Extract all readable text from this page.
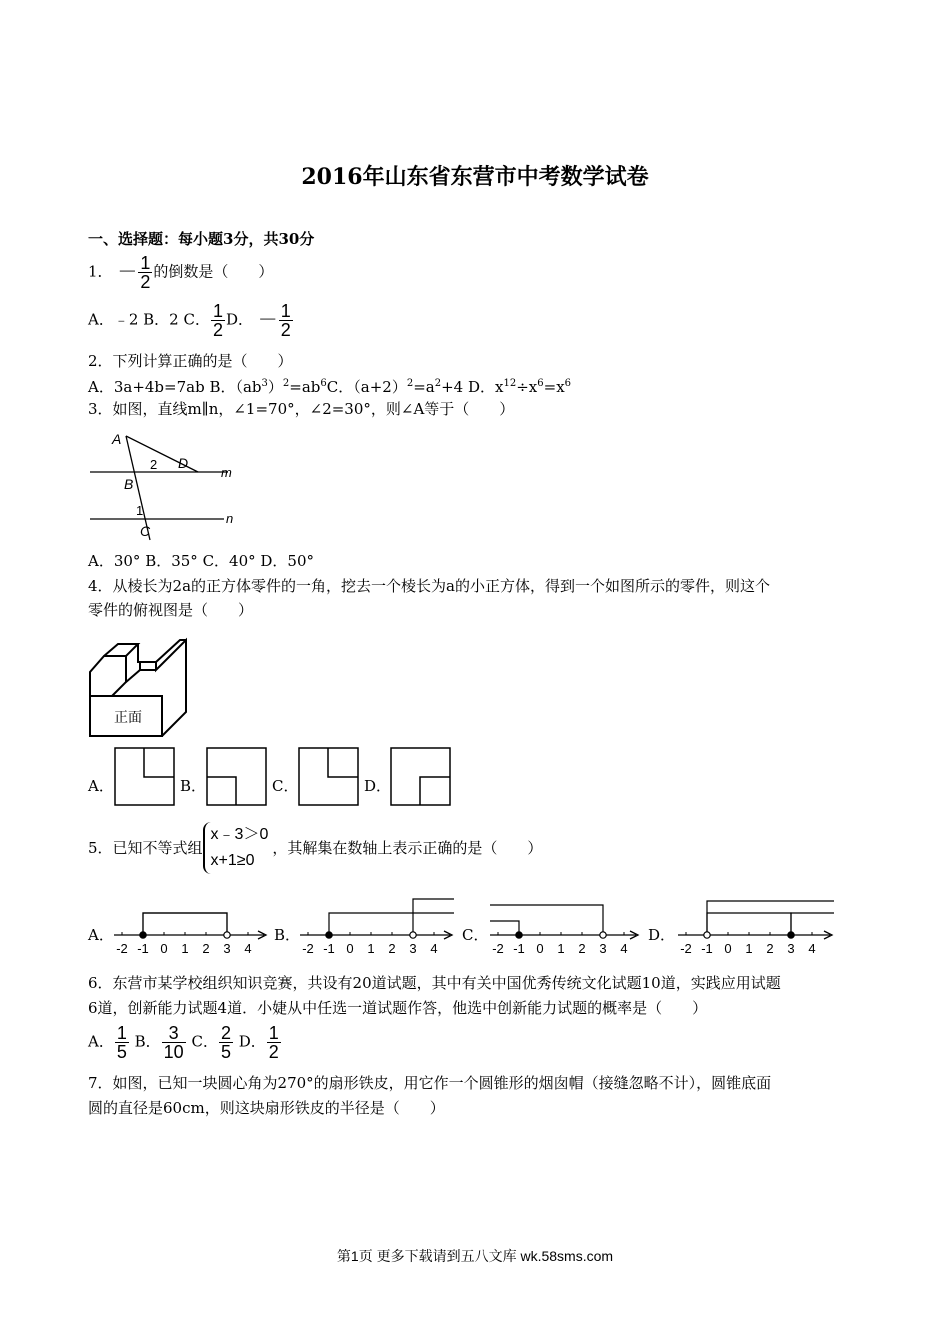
2016年山东省东营市中考数学试卷
一、选择题：每小题3分，共30分
1． － $\frac{1}{2}$ 的倒数是（　　）
A．﹣2 B．2 C． $\frac{1}{2}$ D． － $\frac{1}{2}$
2．下列计算正确的是（　　）
A．3a+4b=7ab B．$(ab^3)^2=ab^6C$．$(a+2)^2=a^2+4$ D．$x^{12}\div x^6=x^6$
3．如图，直线m∥n，∠1=70°，∠2=30°，则∠A等于（　　）
A
D
m
B
2
1
n
C
A．30° B．35° C．40° D．50°
4．从棱长为2a的正方体零件的一角，挖去一个棱长为a的小正方体，得到一个如图所示的零件，则这个
零件的俯视图是（　　）
正面
A．	B．	C．	D．
5．已知不等式组x﹣3＞0
x+1≥0，其解集在数轴上表示正确的是（　　）
A．
-2 -1 0 1 2 3 4
B．
-2 -1 0 1 2 3 4
C．
-2 -1 0 1 2 3 4
D．
-2 -1 0 1 2 3 4
6．东营市某学校组织知识竞赛，共设有20道试题，其中有关中国优秀传统文化试题10道，实践应用试题
6道，创新能力试题4道．小婕从中任选一道试题作答，他选中创新能力试题的概率是（　　）
A． $\frac{1}{5}$ B． $\frac{3}{10}$ C． $\frac{2}{5}$ D． $\frac{1}{2}$
7．如图，已知一块圆心角为270°的扇形铁皮，用它作一个圆锥形的烟囱帽（接缝忽略不计），圆锥底面
圆的直径是60cm，则这块扇形铁皮的半径是（　　）
第1页 更多下载请到五八文库 wk.58sms.com
